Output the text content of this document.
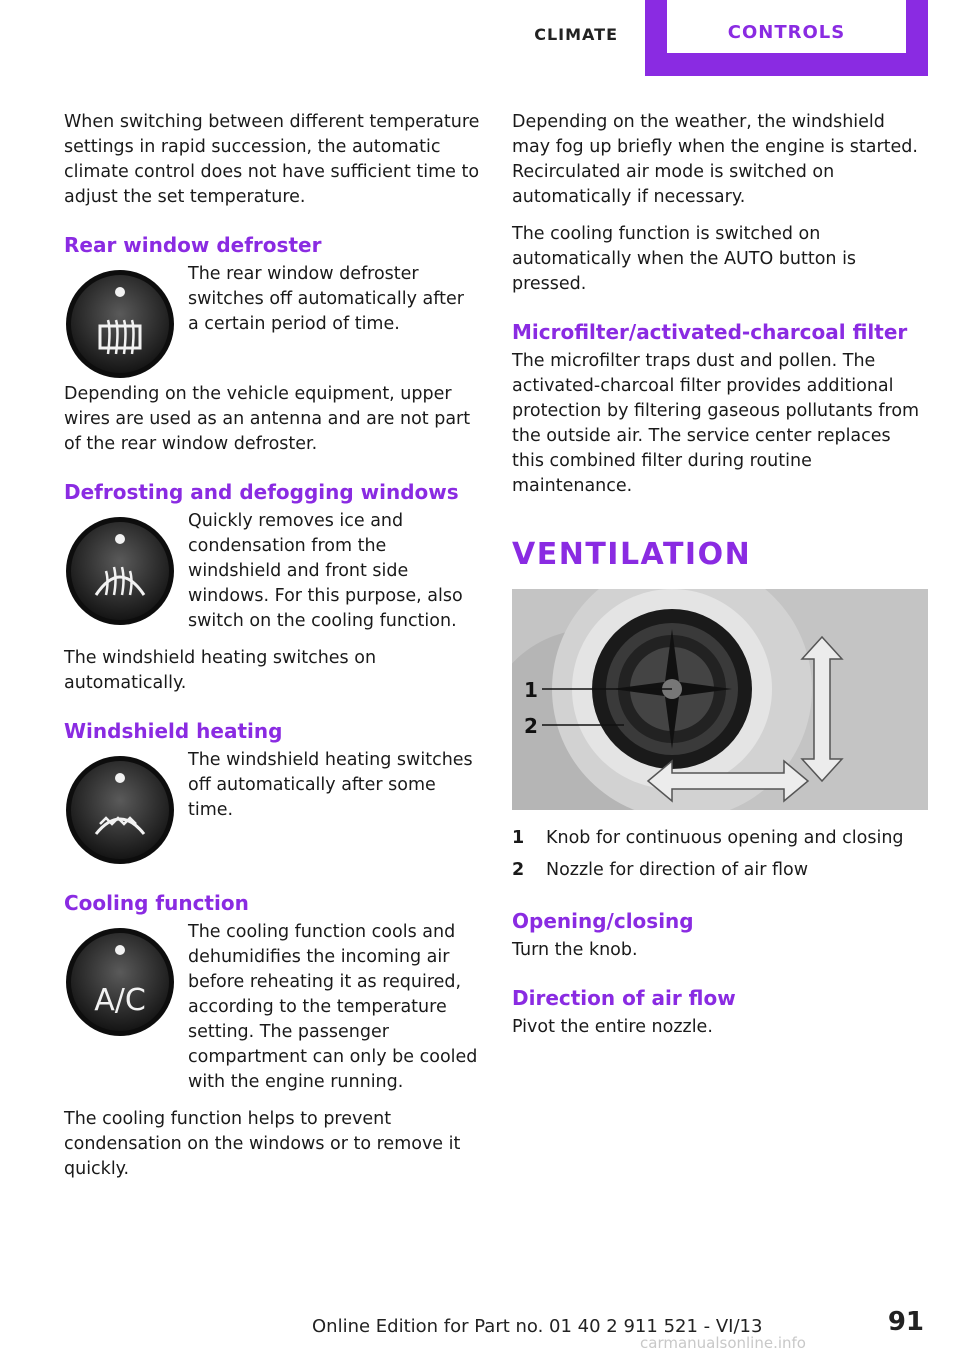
CLIMATE	CONTROLS

When switching between different temperature settings in rapid succession, the automatic climate control does not have sufficient time to adjust the set temperature.

Rear window defroster

The rear window defroster switches off automatically after a certain period of time.

Depending on the vehicle equipment, upper wires are used as an antenna and are not part of the rear window defroster.

Defrosting and defogging windows

Quickly removes ice and condensation from the windshield and front side windows. For this purpose, also switch on the cooling function.

The windshield heating switches on automatically.

Windshield heating

The windshield heating switches off automatically after some time.

Cooling function
A/C

The cooling function cools and dehumidifies the incoming air before reheating it as required, according to the temperature setting. The passenger compartment can only be cooled with the engine running.

The cooling function helps to prevent condensation on the windows or to remove it quickly.

Depending on the weather, the windshield may fog up briefly when the engine is started. Recirculated air mode is switched on automatically if necessary.

The cooling function is switched on automatically when the AUTO button is pressed.

Microfilter/activated-charcoal filter

The microfilter traps dust and pollen. The activated-charcoal filter provides additional protection by filtering gaseous pollutants from the outside air. The service center replaces this combined filter during routine maintenance.

VENTILATION
1
2
1	Knob for continuous opening and closing
2	Nozzle for direction of air flow
Opening/closing

Turn the knob.

Direction of air flow

Pivot the entire nozzle.

Online Edition for Part no. 01 40 2 911 521 - VI/13	91
carmanualsonline.info
